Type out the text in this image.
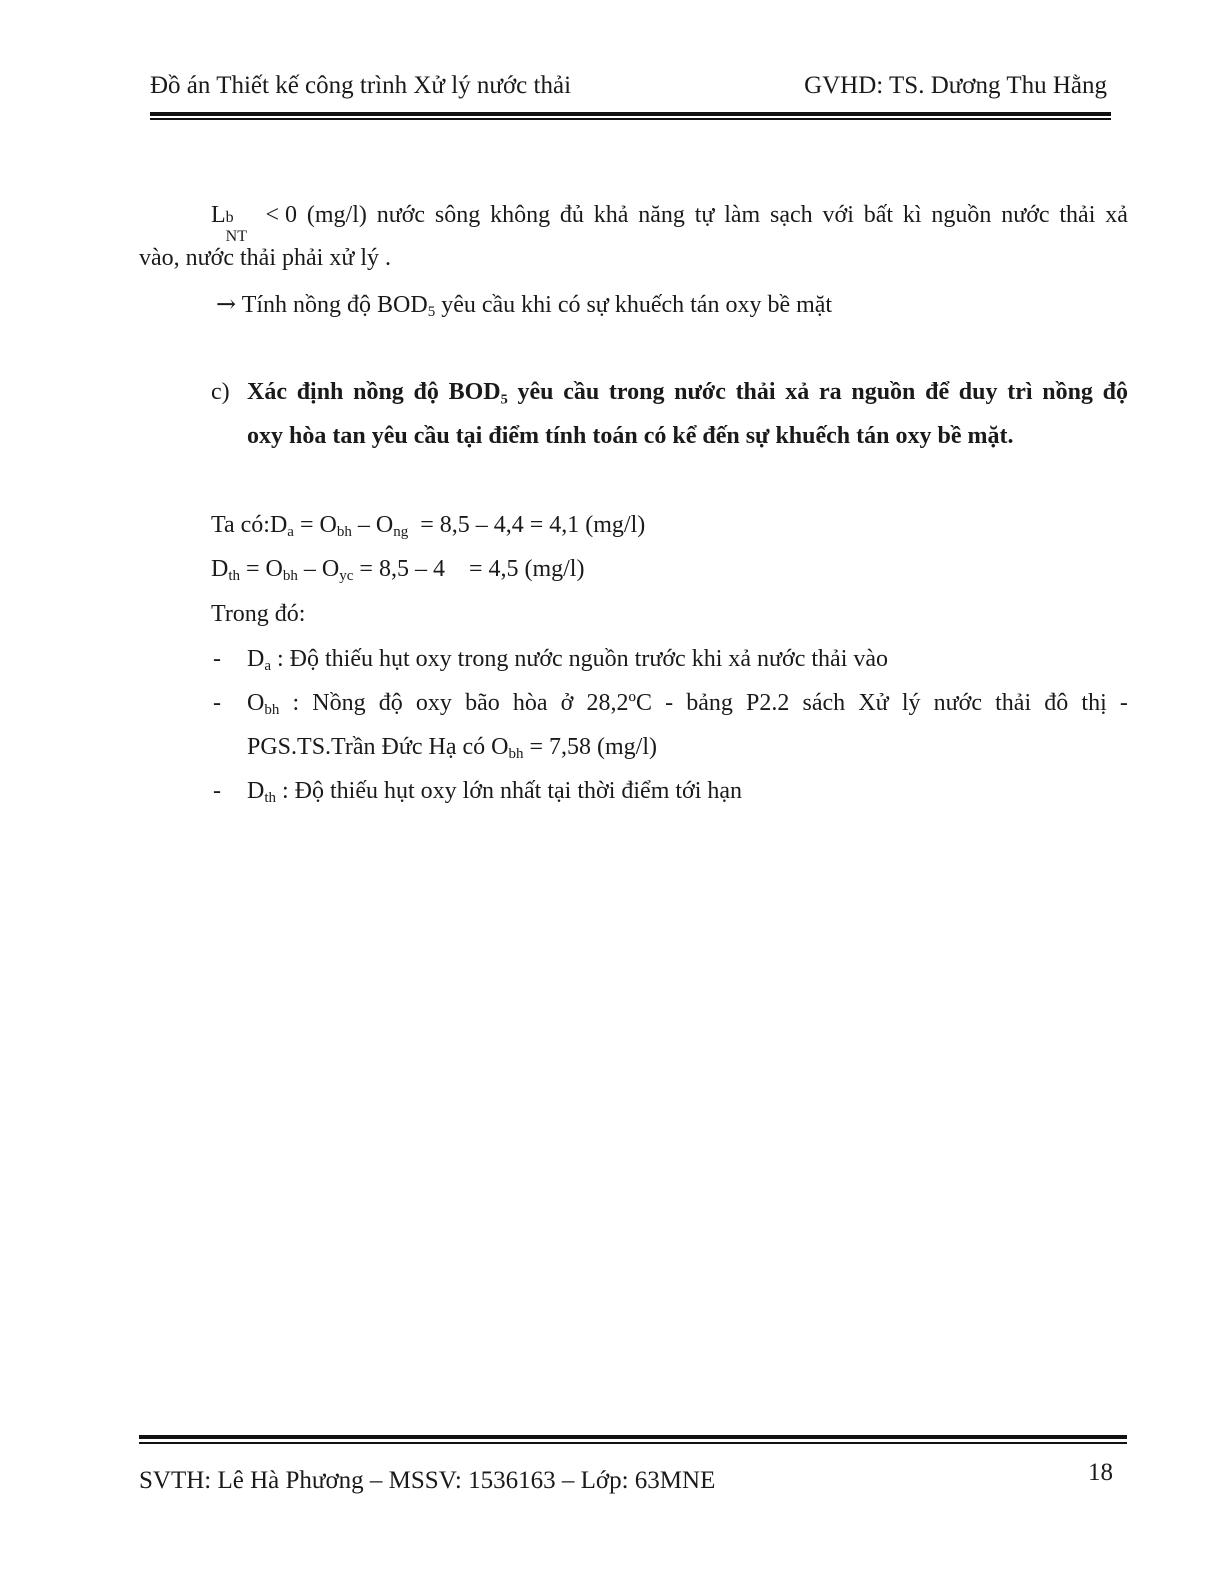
Đồ án Thiết kế công trình Xử lý nước thải	GVHD: TS. Dương Thu Hằng
L b
NT
< 0 (mg/l) nước sông không đủ khả năng tự làm sạch với bất kì nguồn nước thải xả
vào, nước thải phải xử lý .
→ Tính nồng độ $BOD_5$ yêu cầu khi có sự khuếch tán oxy bề mặt
c) Xác định nồng độ BOD₅ yêu cầu trong nước thải xả ra nguồn để duy trì nồng độ
oxy hòa tan yêu cầu tại điểm tính toán có kể đến sự khuếch tán oxy bề mặt.
Ta $có:D_a = O_{bh} - O_{ng} = 8,5 - 4,4 = 4,1$ (mg/l)
$D_{th} = O_{bh} - O_{yc} = 8,5 - 4$    = 4,5 (mg/l)
Trong đó:
- $D_a$ : Độ thiếu hụt oxy trong nước nguồn trước khi xả nước thải vào
- $O_{bh}$ : Nồng độ oxy bão hòa ở 28,2ºC - bảng P2.2 sách Xử lý nước thải đô thị -
PGS.TS.Trần Đức Hạ có $O_{bh} = 7,58$ (mg/l)
- $D_{th}$ : Độ thiếu hụt oxy lớn nhất tại thời điểm tới hạn
SVTH: Lê Hà Phương – MSSV: 1536163 – Lớp: 63MNE	18
